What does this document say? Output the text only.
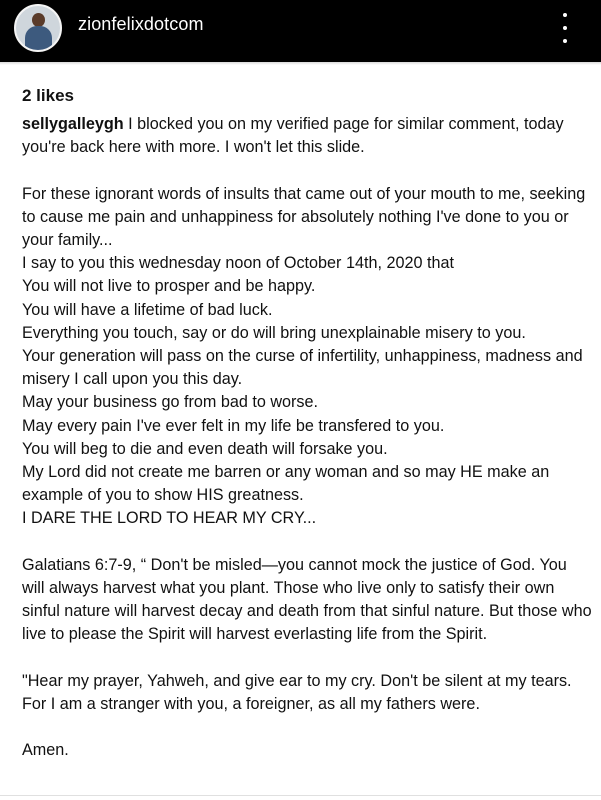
zionfelixdotcom
2 likes
sellygalleygh I blocked you on my verified page for similar comment, today you're back here with more. I won't let this slide.

For these ignorant words of insults that came out of your mouth to me, seeking to cause me pain and unhappiness for absolutely nothing I've done to you or your family...
I say to you this wednesday noon of October 14th, 2020 that
You will not live to prosper and be happy.
You will have a lifetime of bad luck.
Everything you touch, say or do will bring unexplainable misery to you.
Your generation will pass on the curse of infertility, unhappiness, madness and misery I call upon you this day.
May your business go from bad to worse.
May every pain I've ever felt in my life be transfered to you.
You will beg to die and even death will forsake you.
My Lord did not create me barren or any woman and so may HE make an example of you to show HIS greatness.
I DARE THE LORD TO HEAR MY CRY...

Galatians 6:7-9, “ Don't be misled—you cannot mock the justice of God. You will always harvest what you plant. Those who live only to satisfy their own sinful nature will harvest decay and death from that sinful nature. But those who live to please the Spirit will harvest everlasting life from the Spirit.

"Hear my prayer, Yahweh, and give ear to my cry. Don't be silent at my tears. For I am a stranger with you, a foreigner, as all my fathers were.

Amen.
